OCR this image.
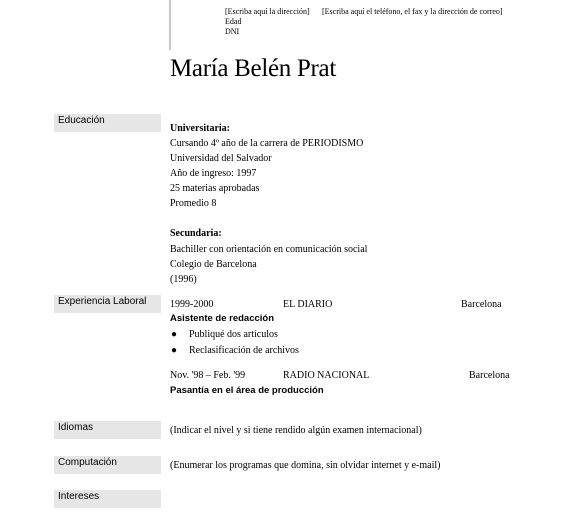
[Escriba aquí la dirección] [Escriba aquí el teléfono, el fax y la dirección de correo]
Edad
DNI
María Belén Prat
Educación
Universitaria:
Cursando 4º año de la carrera de PERIODISMO
Universidad del Salvador
Año de ingreso: 1997
25 materias aprobadas
Promedio 8
Secundaria:
Bachiller con orientación en comunicación social
Colegio de Barcelona
(1996)
Experiencia Laboral	1999-2000	EL DIARIO	Barcelona
Asistente de redacción
● Publiqué dos artículos
● Reclasificación de archivos
Nov. '98 – Feb. '99	RADIO NACIONAL	Barcelona
Pasantía en el área de producción
Idiomas	(Indicar el nivel y si tiene rendido algún examen internacional)
Computación	(Enumerar los programas que domina, sin olvidar internet y e-mail)
Intereses
